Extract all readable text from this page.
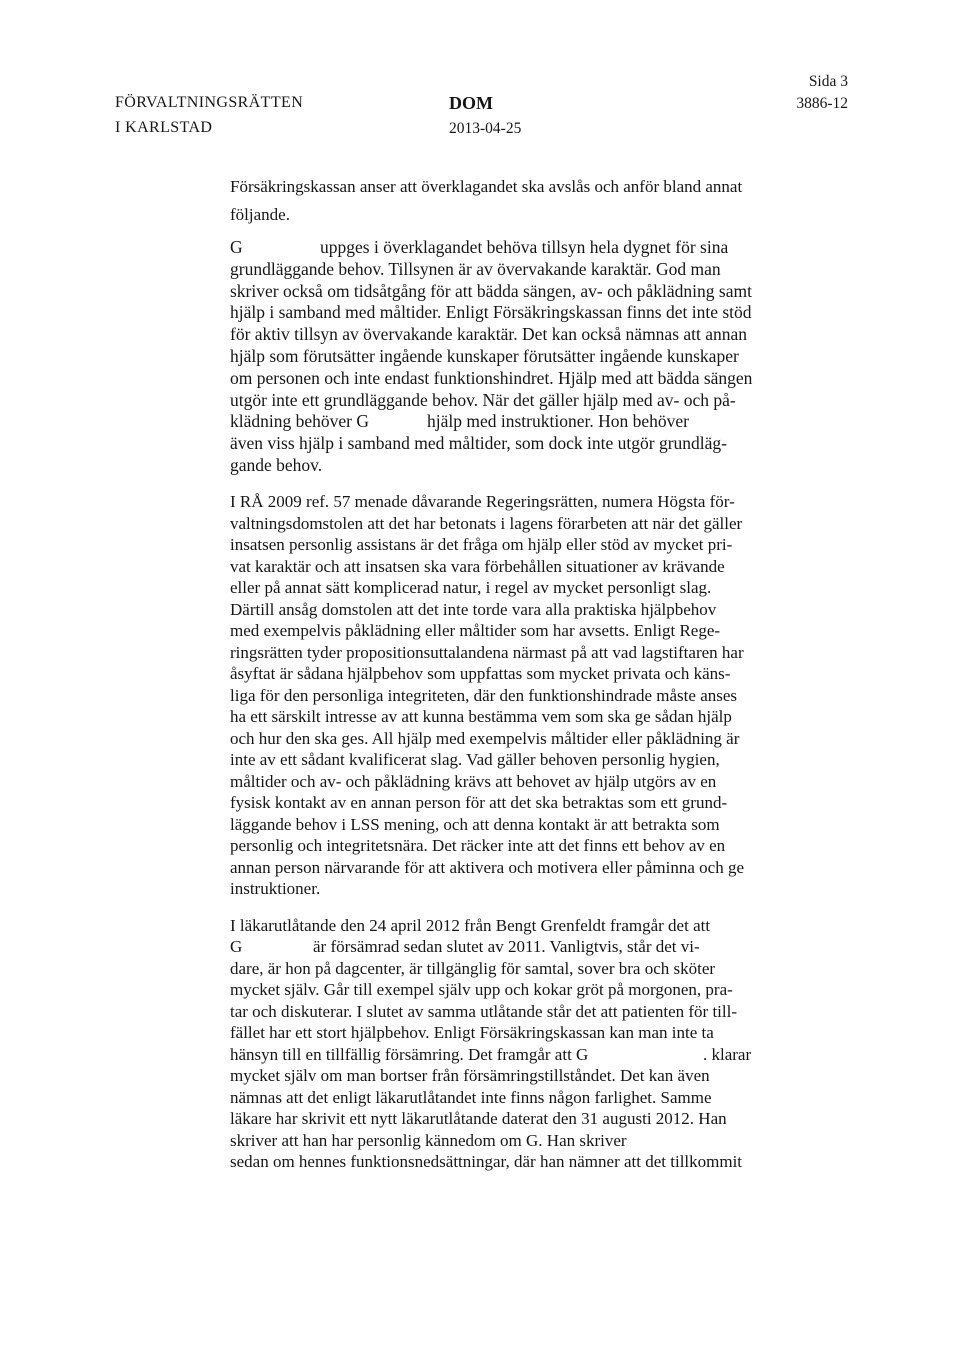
FÖRVALTNINGSRÄTTEN
I KARLSTAD
DOM
2013-04-25
Sida 3
3886-12
Försäkringskassan anser att överklagandet ska avslås och anför bland annat
följande.
G	uppges i överklagandet behöva tillsyn hela dygnet för sina
grundläggande behov. Tillsynen är av övervakande karaktär. God man
skriver också om tidsåtgång för att bädda sängen, av- och påklädning samt
hjälp i samband med måltider. Enligt Försäkringskassan finns det inte stöd
för aktiv tillsyn av övervakande karaktär. Det kan också nämnas att annan
hjälp som förutsätter ingående kunskaper förutsätter ingående kunskaper
om personen och inte endast funktionshindret. Hjälp med att bädda sängen
utgör inte ett grundläggande behov. När det gäller hjälp med av- och på-
klädning behöver G	hjälp med instruktioner. Hon behöver
även viss hjälp i samband med måltider, som dock inte utgör grundläg-
gande behov.
I RÅ 2009 ref. 57 menade dåvarande Regeringsrätten, numera Högsta för-
valtningsdomstolen att det har betonats i lagens förarbeten att när det gäller
insatsen personlig assistans är det fråga om hjälp eller stöd av mycket pri-
vat karaktär och att insatsen ska vara förbehållen situationer av krävande
eller på annat sätt komplicerad natur, i regel av mycket personligt slag.
Därtill ansåg domstolen att det inte torde vara alla praktiska hjälpbehov
med exempelvis påklädning eller måltider som har avsetts. Enligt Rege-
ringsrätten tyder propositionsuttalandena närmast på att vad lagstiftaren har
åsyftat är sådana hjälpbehov som uppfattas som mycket privata och käns-
liga för den personliga integriteten, där den funktionshindrade måste anses
ha ett särskilt intresse av att kunna bestämma vem som ska ge sådan hjälp
och hur den ska ges. All hjälp med exempelvis måltider eller påklädning är
inte av ett sådant kvalificerat slag. Vad gäller behoven personlig hygien,
måltider och av- och påklädning krävs att behovet av hjälp utgörs av en
fysisk kontakt av en annan person för att det ska betraktas som ett grund-
läggande behov i LSS mening, och att denna kontakt är att betrakta som
personlig och integritetsnära. Det räcker inte att det finns ett behov av en
annan person närvarande för att aktivera och motivera eller påminna och ge
instruktioner.
I läkarutlåtande den 24 april 2012 från Bengt Grenfeldt framgår det att
G	är försämrad sedan slutet av 2011. Vanligtvis, står det vi-
dare, är hon på dagcenter, är tillgänglig för samtal, sover bra och sköter
mycket själv. Går till exempel själv upp och kokar gröt på morgonen, pra-
tar och diskuterar. I slutet av samma utlåtande står det att patienten för till-
fället har ett stort hjälpbehov. Enligt Försäkringskassan kan man inte ta
hänsyn till en tillfällig försämring. Det framgår att G	. klarar
mycket själv om man bortser från försämringstillståndet. Det kan även
nämnas att det enligt läkarutlåtandet inte finns någon farlighet. Samme
läkare har skrivit ett nytt läkarutlåtande daterat den 31 augusti 2012. Han
skriver att han har personlig kännedom om G . Han skriver
sedan om hennes funktionsnedsättningar, där han nämner att det tillkommit
